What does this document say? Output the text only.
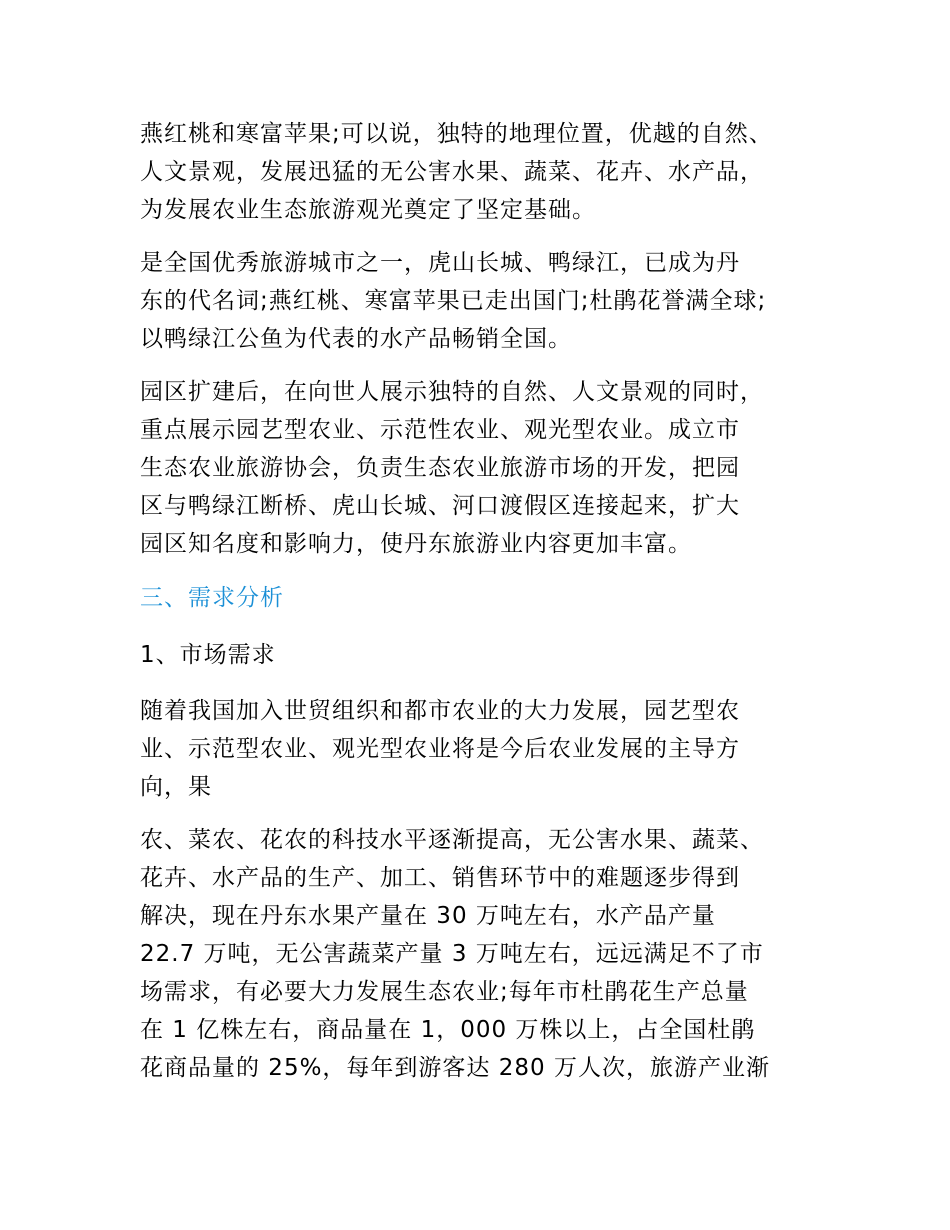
燕红桃和寒富苹果;可以说，独特的地理位置，优越的自然、
人文景观，发展迅猛的无公害水果、蔬菜、花卉、水产品，
为发展农业生态旅游观光奠定了坚定基础。
是全国优秀旅游城市之一，虎山长城、鸭绿江，已成为丹
东的代名词;燕红桃、寒富苹果已走出国门;杜鹃花誉满全球;
以鸭绿江公鱼为代表的水产品畅销全国。
园区扩建后，在向世人展示独特的自然、人文景观的同时，
重点展示园艺型农业、示范性农业、观光型农业。成立市
生态农业旅游协会，负责生态农业旅游市场的开发，把园
区与鸭绿江断桥、虎山长城、河口渡假区连接起来，扩大
园区知名度和影响力，使丹东旅游业内容更加丰富。
三、需求分析
1、市场需求
随着我国加入世贸组织和都市农业的大力发展，园艺型农
业、示范型农业、观光型农业将是今后农业发展的主导方
向，果
农、菜农、花农的科技水平逐渐提高，无公害水果、蔬菜、
花卉、水产品的生产、加工、销售环节中的难题逐步得到
解决，现在丹东水果产量在 30 万吨左右，水产品产量
22.7 万吨，无公害蔬菜产量 3 万吨左右，远远满足不了市
场需求，有必要大力发展生态农业;每年市杜鹃花生产总量
在 1 亿株左右，商品量在 1，000 万株以上，占全国杜鹃
花商品量的 25%，每年到游客达 280 万人次，旅游产业渐
